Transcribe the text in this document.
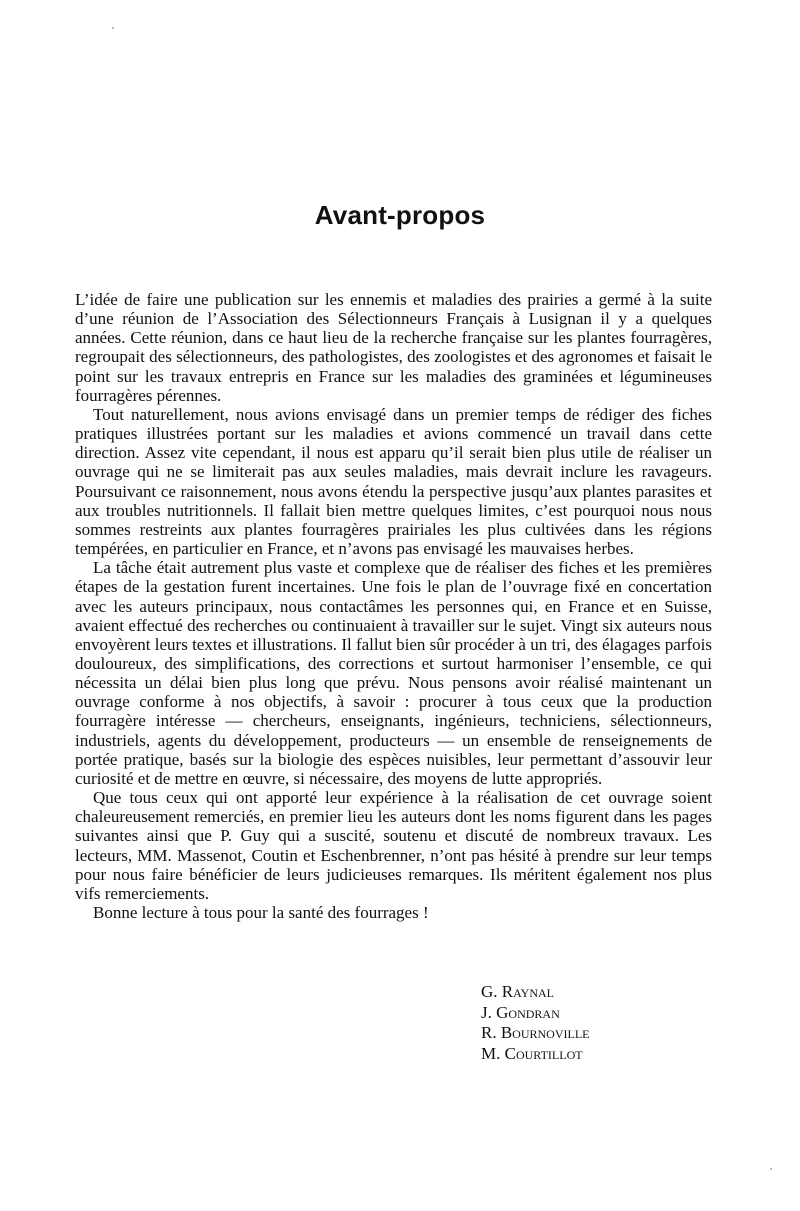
Avant-propos

L’idée de faire une publication sur les ennemis et maladies des prairies a germé à la suite d’une réunion de l’Association des Sélectionneurs Français à Lusignan il y a quelques années. Cette réunion, dans ce haut lieu de la recherche française sur les plantes fourragères, regroupait des sélectionneurs, des pathologistes, des zoologistes et des agronomes et faisait le point sur les travaux entrepris en France sur les maladies des graminées et légumineuses fourragères pérennes.

Tout naturellement, nous avions envisagé dans un premier temps de rédiger des fiches pratiques illustrées portant sur les maladies et avions commencé un travail dans cette direction. Assez vite cependant, il nous est apparu qu’il serait bien plus utile de réaliser un ouvrage qui ne se limiterait pas aux seules maladies, mais devrait inclure les ravageurs. Poursuivant ce raisonnement, nous avons étendu la perspective jusqu’aux plantes parasites et aux troubles nutritionnels. Il fallait bien mettre quelques limites, c’est pourquoi nous nous sommes restreints aux plantes fourragères prairiales les plus cultivées dans les régions tempérées, en particulier en France, et n’avons pas envisagé les mauvaises herbes.

La tâche était autrement plus vaste et complexe que de réaliser des fiches et les premières étapes de la gestation furent incertaines. Une fois le plan de l’ouvrage fixé en concertation avec les auteurs principaux, nous contactâmes les personnes qui, en France et en Suisse, avaient effectué des recherches ou continuaient à travailler sur le sujet. Vingt six auteurs nous envoyèrent leurs textes et illustrations. Il fallut bien sûr procéder à un tri, des élagages parfois douloureux, des simplifications, des corrections et surtout harmoniser l’ensemble, ce qui nécessita un délai bien plus long que prévu. Nous pensons avoir réalisé maintenant un ouvrage conforme à nos objectifs, à savoir : procurer à tous ceux que la production fourragère intéresse — chercheurs, enseignants, ingénieurs, techniciens, sélectionneurs, industriels, agents du développement, producteurs — un ensemble de renseignements de portée pratique, basés sur la biologie des espèces nuisibles, leur permettant d’assouvir leur curiosité et de mettre en œuvre, si nécessaire, des moyens de lutte appropriés.

Que tous ceux qui ont apporté leur expérience à la réalisation de cet ouvrage soient chaleureusement remerciés, en premier lieu les auteurs dont les noms figurent dans les pages suivantes ainsi que P. Guy qui a suscité, soutenu et discuté de nombreux travaux. Les lecteurs, MM. Massenot, Coutin et Eschenbrenner, n’ont pas hésité à prendre sur leur temps pour nous faire bénéficier de leurs judicieuses remarques. Ils méritent également nos plus vifs remerciements.

Bonne lecture à tous pour la santé des fourrages !

G. Raynal
J. Gondran
R. Bournoville
M. Courtillot
